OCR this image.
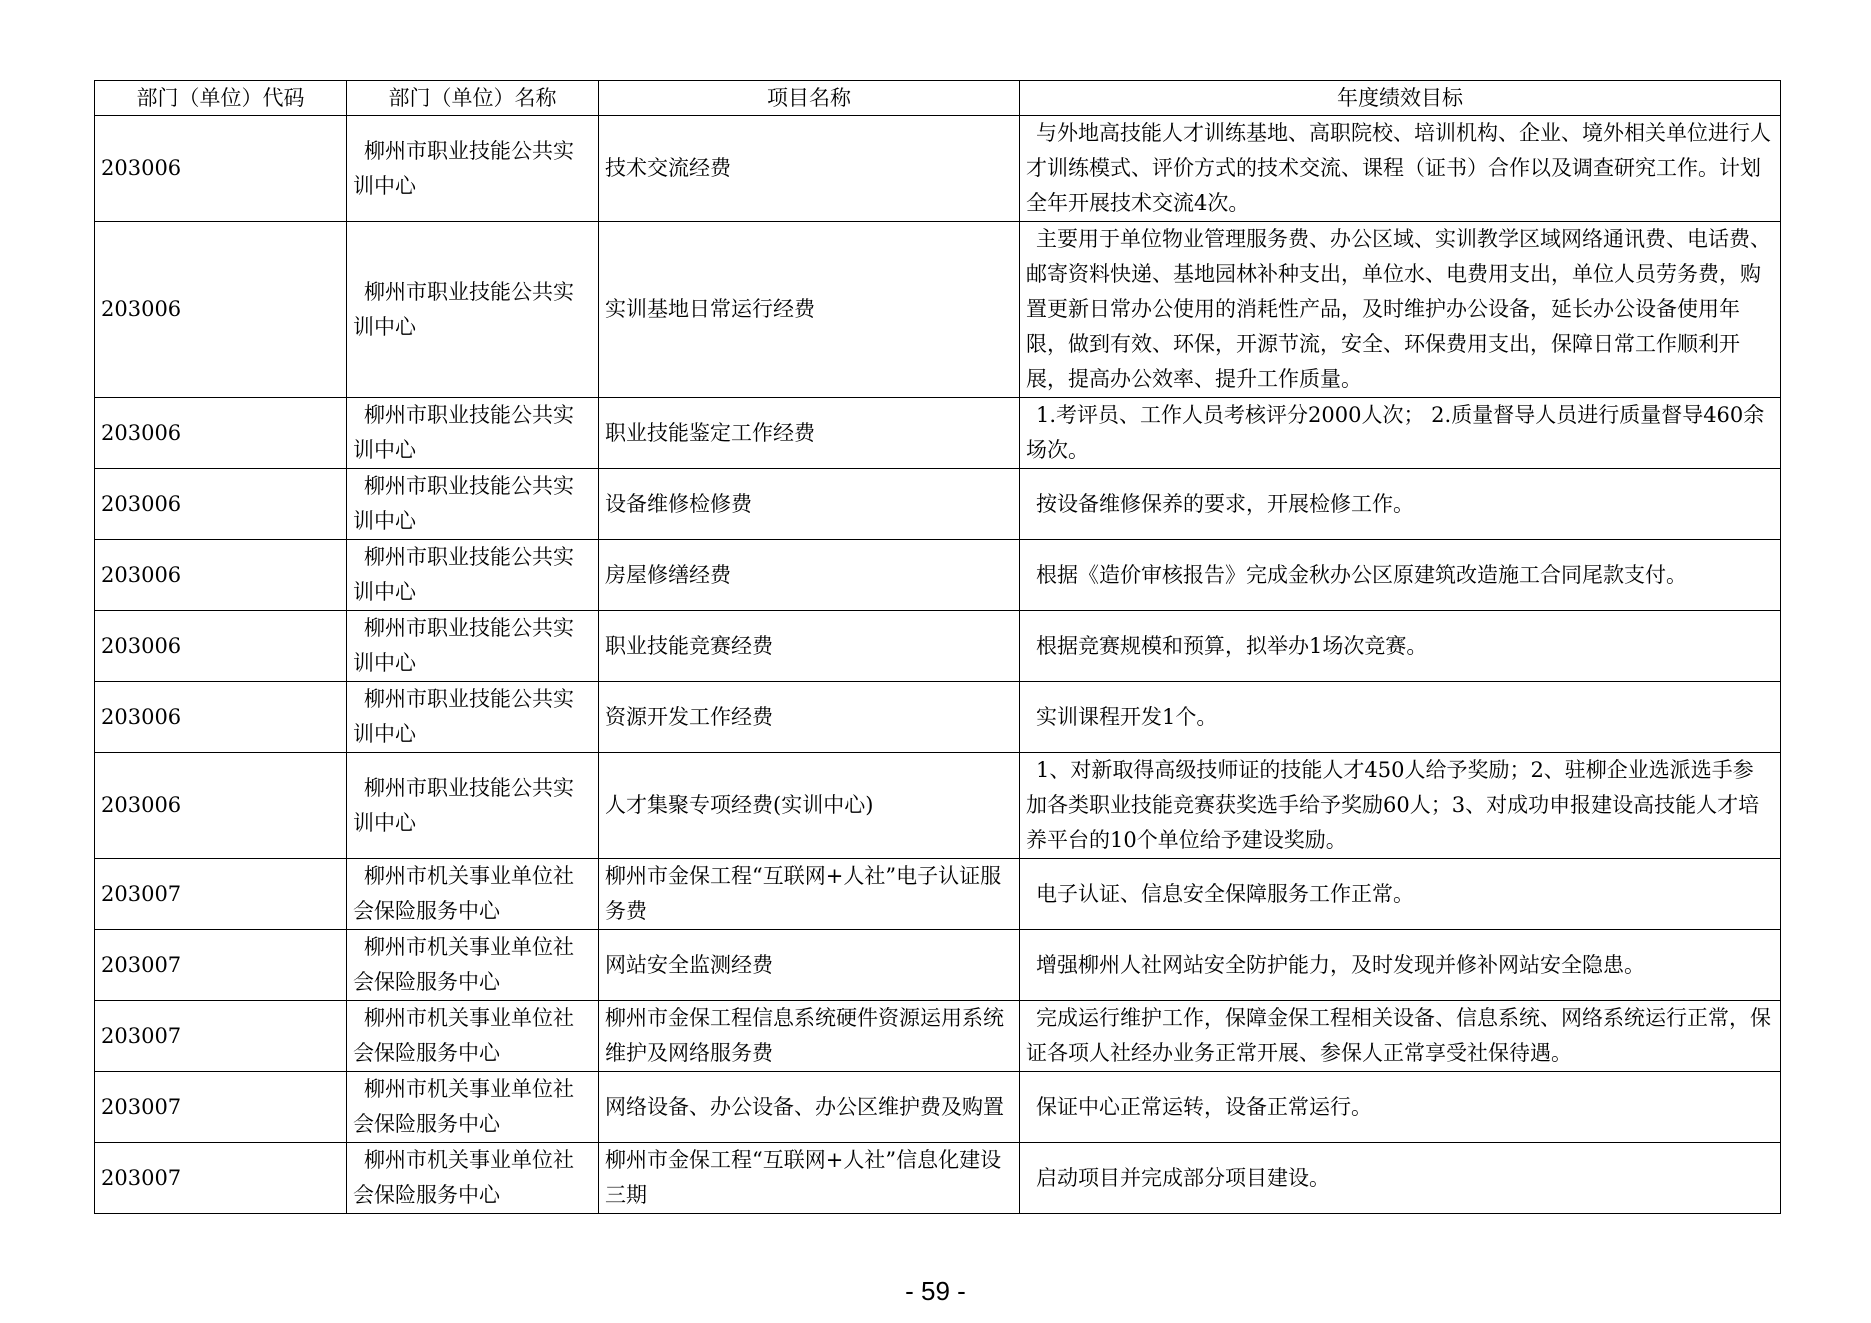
部门（单位）代码	部门（单位）名称	项目名称	年度绩效目标
203006	柳州市职业技能公共实训中心	技术交流经费	与外地高技能人才训练基地、高职院校、培训机构、企业、境外相关单位进行人才训练模式、评价方式的技术交流、课程（证书）合作以及调查研究工作。计划全年开展技术交流4次。
203006	柳州市职业技能公共实训中心	实训基地日常运行经费	主要用于单位物业管理服务费、办公区域、实训教学区域网络通讯费、电话费、邮寄资料快递、基地园林补种支出，单位水、电费用支出，单位人员劳务费，购置更新日常办公使用的消耗性产品，及时维护办公设备，延长办公设备使用年限，做到有效、环保，开源节流，安全、环保费用支出，保障日常工作顺利开展，提高办公效率、提升工作质量。
203006	柳州市职业技能公共实训中心	职业技能鉴定工作经费	1.考评员、工作人员考核评分2000人次； 2.质量督导人员进行质量督导460余场次。
203006	柳州市职业技能公共实训中心	设备维修检修费	按设备维修保养的要求，开展检修工作。
203006	柳州市职业技能公共实训中心	房屋修缮经费	根据《造价审核报告》完成金秋办公区原建筑改造施工合同尾款支付。
203006	柳州市职业技能公共实训中心	职业技能竞赛经费	根据竞赛规模和预算，拟举办1场次竞赛。
203006	柳州市职业技能公共实训中心	资源开发工作经费	实训课程开发1个。
203006	柳州市职业技能公共实训中心	人才集聚专项经费(实训中心)	1、对新取得高级技师证的技能人才450人给予奖励；2、驻柳企业选派选手参加各类职业技能竞赛获奖选手给予奖励60人；3、对成功申报建设高技能人才培养平台的10个单位给予建设奖励。
203007	柳州市机关事业单位社会保险服务中心	柳州市金保工程“互联网+人社”电子认证服务费	电子认证、信息安全保障服务工作正常。
203007	柳州市机关事业单位社会保险服务中心	网站安全监测经费	增强柳州人社网站安全防护能力，及时发现并修补网站安全隐患。
203007	柳州市机关事业单位社会保险服务中心	柳州市金保工程信息系统硬件资源运用系统维护及网络服务费	完成运行维护工作，保障金保工程相关设备、信息系统、网络系统运行正常，保证各项人社经办业务正常开展、参保人正常享受社保待遇。
203007	柳州市机关事业单位社会保险服务中心	网络设备、办公设备、办公区维护费及购置	保证中心正常运转，设备正常运行。
203007	柳州市机关事业单位社会保险服务中心	柳州市金保工程“互联网+人社”信息化建设三期	启动项目并完成部分项目建设。
- 59 -
